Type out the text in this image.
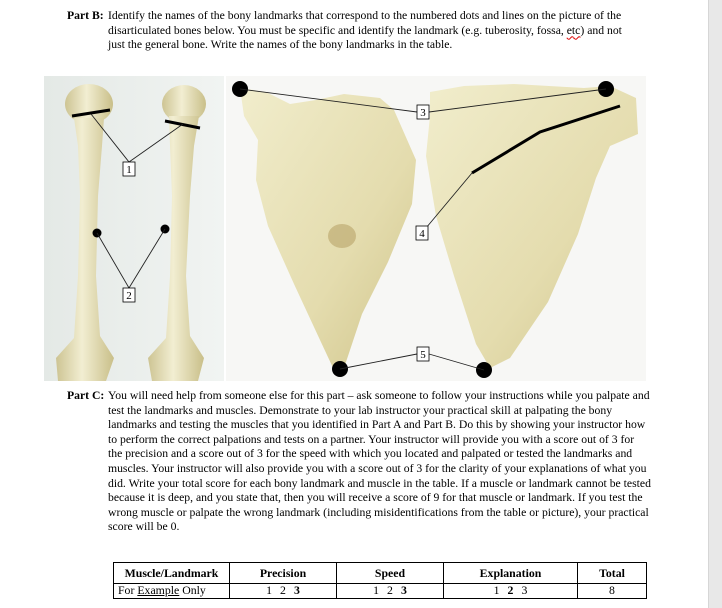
Part B: Identify the names of the bony landmarks that correspond to the numbered dots and lines on the picture of the disarticulated bones below. You must be specific and identify the landmark (e.g. tuberosity, fossa, etc) and not just the general bone. Write the names of the bony landmarks in the table.
1
2
3
4
5
Part C: You will need help from someone else for this part – ask someone to follow your instructions while you palpate and test the landmarks and muscles. Demonstrate to your lab instructor your practical skill at palpating the bony landmarks and testing the muscles that you identified in Part A and Part B. Do this by showing your instructor how to perform the correct palpations and tests on a partner. Your instructor will provide you with a score out of 3 for the precision and a score out of 3 for the speed with which you located and palpated or tested the landmarks and muscles. Your instructor will also provide you with a score out of 3 for the clarity of your explanations of what you did. Write your total score for each bony landmark and muscle in the table. If a muscle or landmark cannot be tested because it is deep, and you state that, then you will receive a score of 9 for that muscle or landmark. If you test the wrong muscle or palpate the wrong landmark (including misidentifications from the table or picture), your practical score will be 0.
Muscle/Landmark	Precision	Speed	Explanation	Total
For Example Only	1 2 3	1 2 3	1 2 3	8
